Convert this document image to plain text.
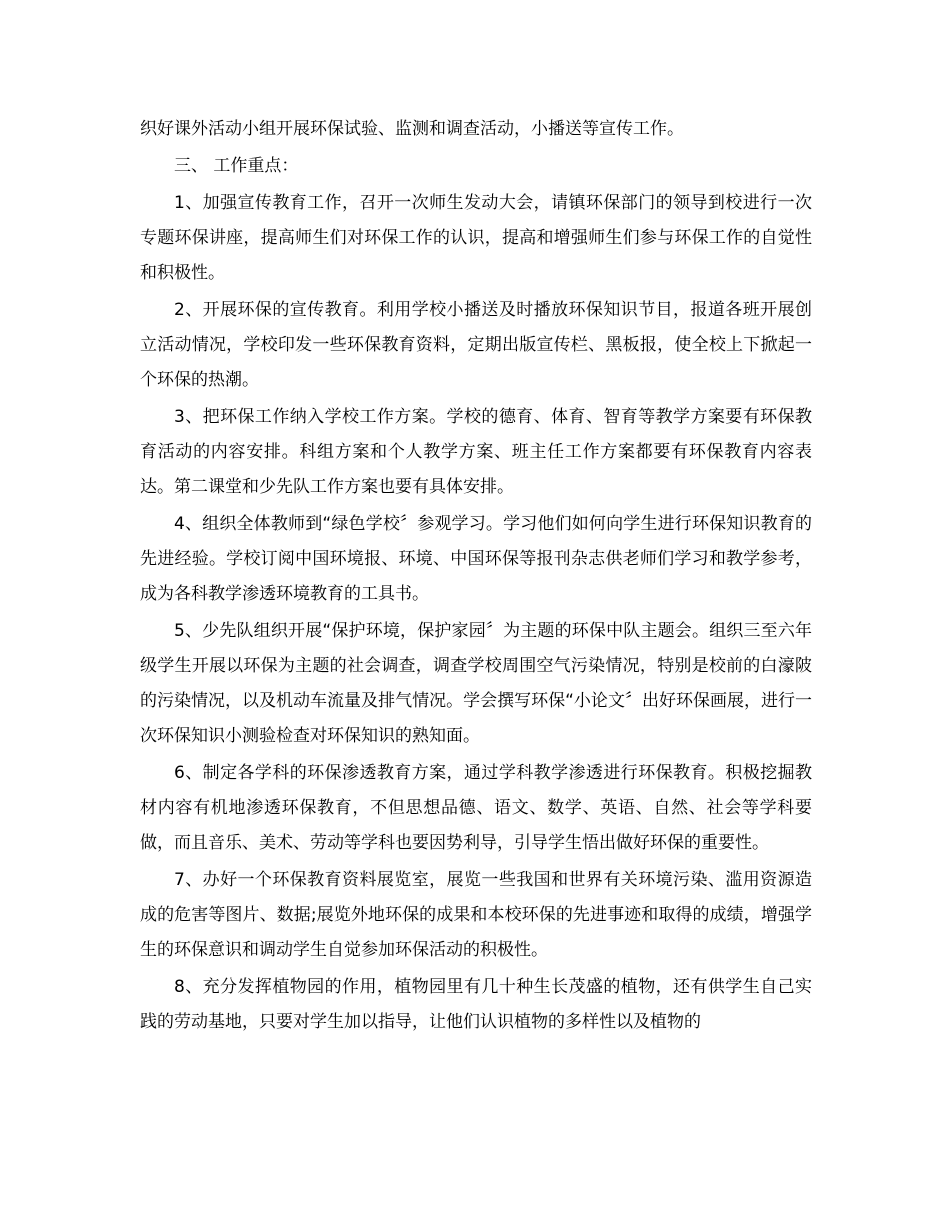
织好课外活动小组开展环保试验、监测和调查活动，小播送等宣传工作。

三、 工作重点：

1、加强宣传教育工作，召开一次师生发动大会，请镇环保部门的领导到校进行一次专题环保讲座，提高师生们对环保工作的认识，提高和增强师生们参与环保工作的自觉性和积极性。

2、开展环保的宣传教育。利用学校小播送及时播放环保知识节目，报道各班开展创立活动情况，学校印发一些环保教育资料，定期出版宣传栏、黑板报，使全校上下掀起一个环保的热潮。

3、把环保工作纳入学校工作方案。学校的德育、体育、智育等教学方案要有环保教育活动的内容安排。科组方案和个人教学方案、班主任工作方案都要有环保教育内容表达。第二课堂和少先队工作方案也要有具体安排。

4、组织全体教师到“绿色学校〞参观学习。学习他们如何向学生进行环保知识教育的先进经验。学校订阅中国环境报、环境、中国环保等报刊杂志供老师们学习和教学参考，成为各科教学渗透环境教育的工具书。

5、少先队组织开展“保护环境，保护家园〞为主题的环保中队主题会。组织三至六年级学生开展以环保为主题的社会调查，调查学校周围空气污染情况，特别是校前的白濠陂的污染情况，以及机动车流量及排气情况。学会撰写环保“小论文〞出好环保画展，进行一次环保知识小测验检查对环保知识的熟知面。

6、制定各学科的环保渗透教育方案，通过学科教学渗透进行环保教育。积极挖掘教材内容有机地渗透环保教育，不但思想品德、语文、数学、英语、自然、社会等学科要做，而且音乐、美术、劳动等学科也要因势利导，引导学生悟出做好环保的重要性。

7、办好一个环保教育资料展览室，展览一些我国和世界有关环境污染、滥用资源造成的危害等图片、数据;展览外地环保的成果和本校环保的先进事迹和取得的成绩，增强学生的环保意识和调动学生自觉参加环保活动的积极性。

8、充分发挥植物园的作用，植物园里有几十种生长茂盛的植物，还有供学生自己实践的劳动基地，只要对学生加以指导，让他们认识植物的多样性以及植物的
